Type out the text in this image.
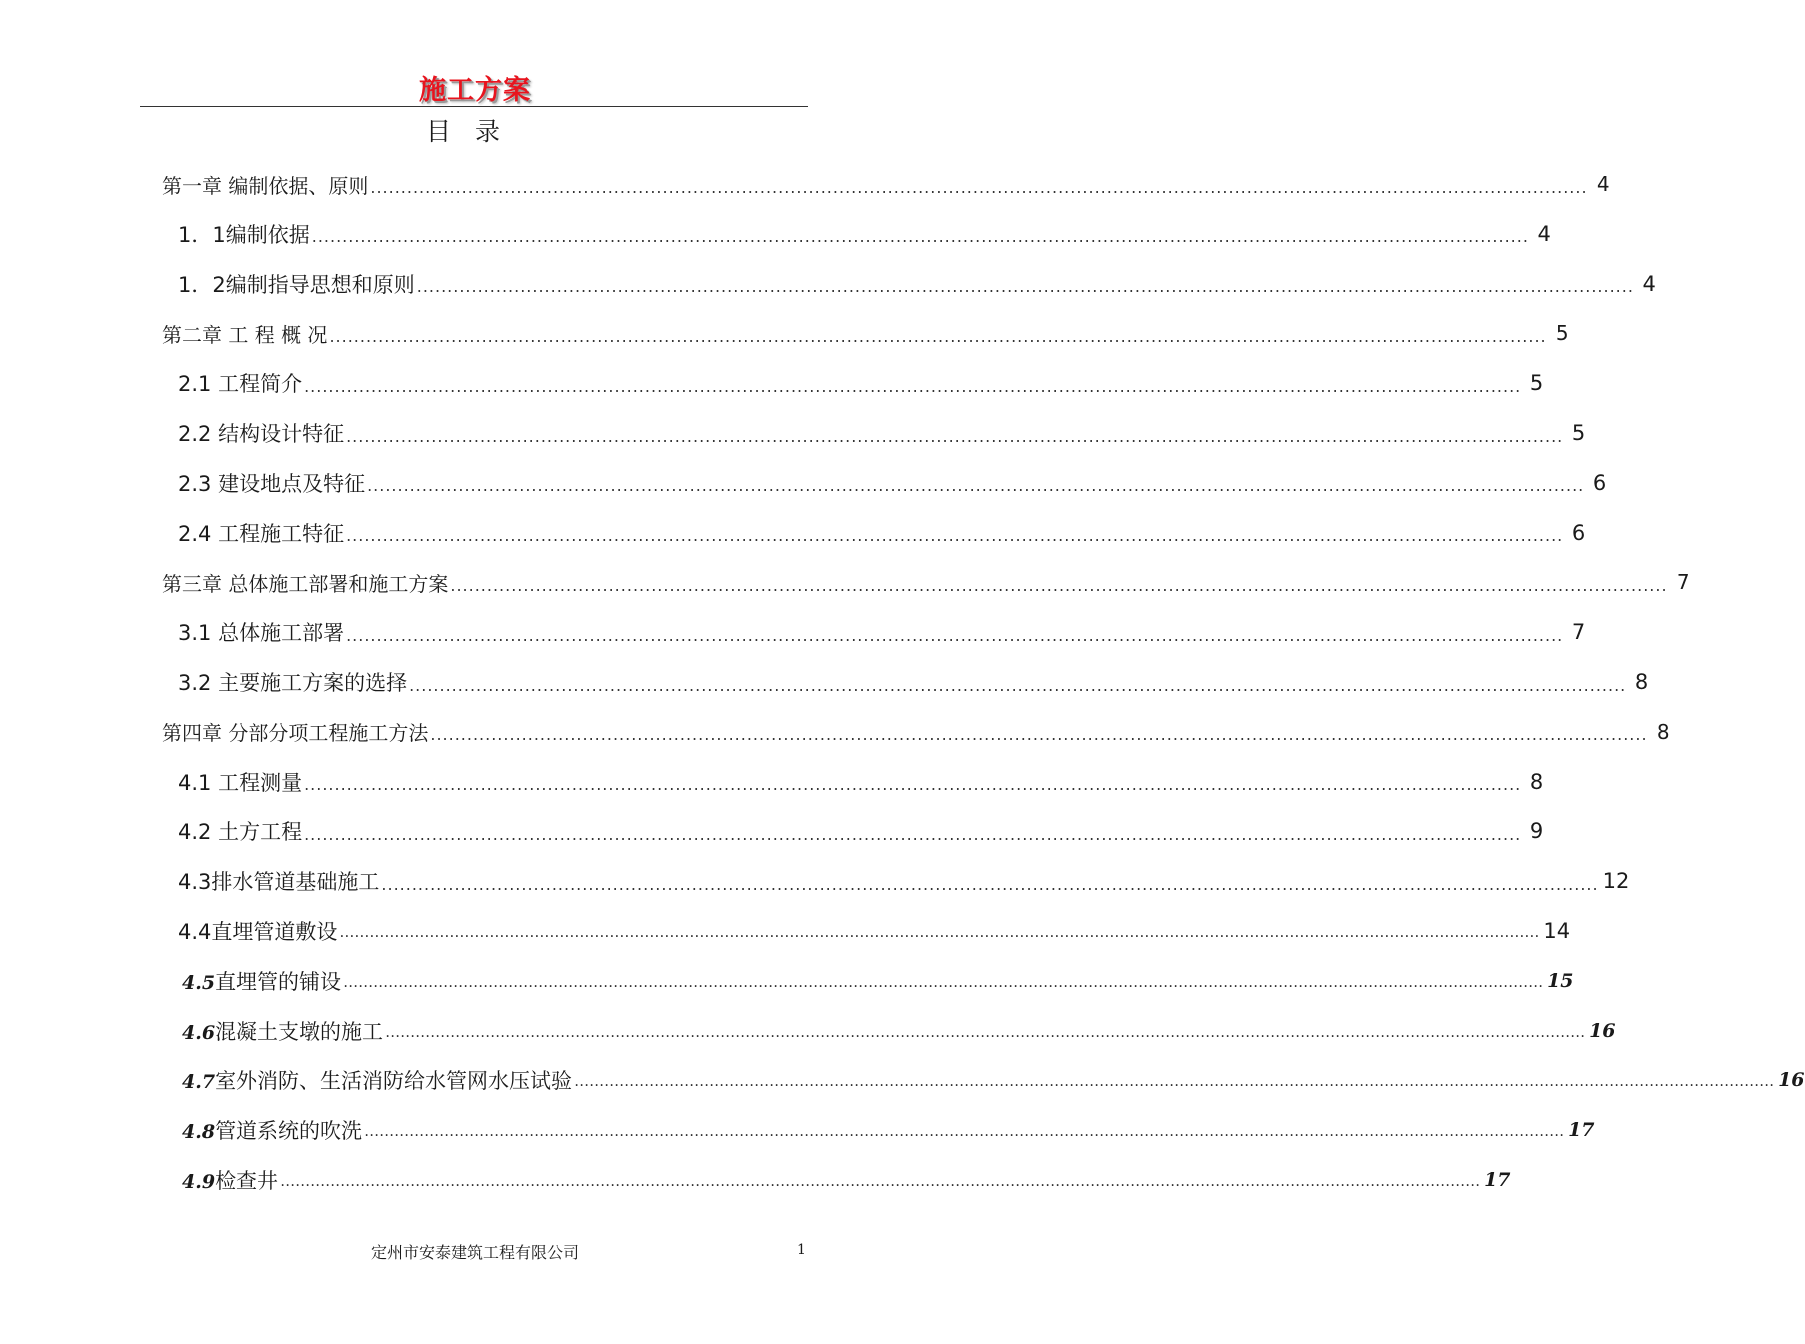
施工方案
目录
第一章 编制依据、原则 ........................................................................................................................................................................................................ 4
1．1编制依据 ........................................................................................................................................................................................................ 4
1．2编制指导思想和原则 ........................................................................................................................................................................................................ 4
第二章 工 程 概 况 ........................................................................................................................................................................................................ 5
2.1 工程简介 ........................................................................................................................................................................................................ 5
2.2 结构设计特征 ........................................................................................................................................................................................................ 5
2.3 建设地点及特征 ........................................................................................................................................................................................................ 6
2.4 工程施工特征 ........................................................................................................................................................................................................ 6
第三章 总体施工部署和施工方案 ........................................................................................................................................................................................................ 7
3.1 总体施工部署 ........................................................................................................................................................................................................ 7
3.2 主要施工方案的选择 ........................................................................................................................................................................................................ 8
第四章 分部分项工程施工方法 ........................................................................................................................................................................................................ 8
4.1 工程测量 ........................................................................................................................................................................................................ 8
4.2 土方工程 ........................................................................................................................................................................................................ 9
4.3排水管道基础施工 ........................................................................................................................................................................................................ 12
4.4直埋管道敷设 …………………………………………………………………………………………………………………………………………………………………………………………………………………… 14
4.5直埋管的铺设 …………………………………………………………………………………………………………………………………………………………………………………………………………………… 15
4.6混凝土支墩的施工 …………………………………………………………………………………………………………………………………………………………………………………………………………………… 16
4.7室外消防、生活消防给水管网水压试验 …………………………………………………………………………………………………………………………………………………………………………………………………………………… 16
4.8管道系统的吹洗 …………………………………………………………………………………………………………………………………………………………………………………………………………………… 17
4.9检查井 …………………………………………………………………………………………………………………………………………………………………………………………………………………… 17
定州市安泰建筑工程有限公司	1
